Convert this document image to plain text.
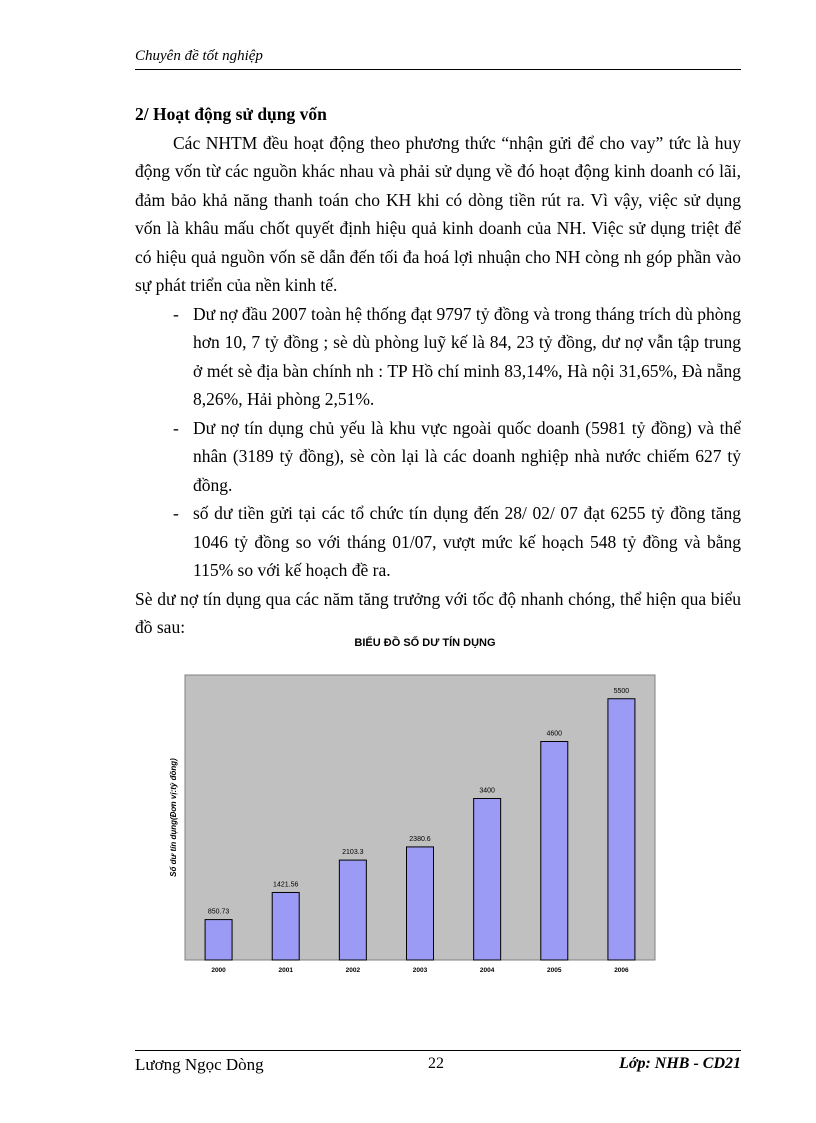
Chuyên đề tốt nghiệp

2/ Hoạt động sử dụng vốn

Các NHTM đều hoạt động theo phương thức “nhận gửi để cho vay” tức là huy động vốn từ các nguồn khác nhau và phải sử dụng về đó hoạt động kinh doanh có lãi, đảm bảo khả năng thanh toán cho KH khi có dòng tiền rút ra. Vì vậy, việc sử dụng vốn là khâu mấu chốt quyết định hiệu quả kinh doanh của NH. Việc sử dụng triệt để có hiệu quả nguồn vốn sẽ dẫn đến tối đa hoá lợi nhuận cho NH còng nh góp phần vào sự phát triển của nền kinh tế.

- Dư nợ đầu 2007 toàn hệ thống đạt 9797 tỷ đồng và trong tháng trích dù phòng hơn 10, 7 tỷ đồng ; sè dù phòng luỹ kế là 84, 23 tỷ đồng, dư nợ vẫn tập trung ở mét sè địa bàn chính nh : TP Hồ chí minh 83,14%, Hà nội 31,65%, Đà nẵng 8,26%, Hải phòng 2,51%.
- Dư nợ tín dụng chủ yếu là khu vực ngoài quốc doanh (5981 tỷ đồng) và thể nhân (3189 tỷ đồng), sè còn lại là các doanh nghiệp nhà nước chiếm 627 tỷ đồng.
- số dư tiền gửi tại các tổ chức tín dụng đến 28/ 02/ 07 đạt 6255 tỷ đồng tăng 1046 tỷ đồng so với tháng 01/07, vượt mức kế hoạch 548 tỷ đồng và bằng 115% so với kế hoạch đề ra.

Sè dư nợ tín dụng qua các năm tăng trưởng với tốc độ nhanh chóng, thể hiện qua biểu đồ sau:

BIỂU ĐỒ SỐ DƯ TÍN DỤNG
Số dư tín dụng(Đơn vị:tỷ đồng)
850.73
2000
1421.56
2001
2103.3
2002
2380.6
2003
3400
2004
4600
2005
5500
2006
Lương Ngọc Dòng	22	Lớp: NHB - CD21
